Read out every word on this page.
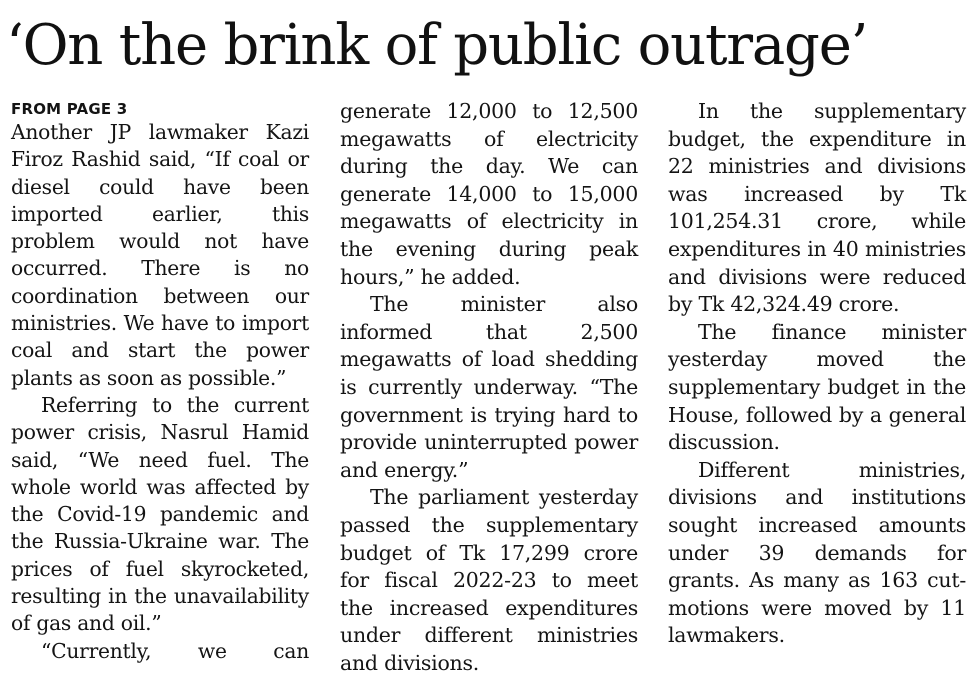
‘On the brink of public outrage’
FROM PAGE 3

Another JP lawmaker Kazi Firoz Rashid said, “If coal or diesel could have been imported earlier, this problem would not have occurred. There is no coordination between our ministries. We have to import coal and start the power plants as soon as possible.”

Referring to the current power crisis, Nasrul Hamid said, “We need fuel. The whole world was affected by the Covid-19 pandemic and the Russia-Ukraine war. The prices of fuel skyrocketed, resulting in the unavailability of gas and oil.”

“Currently, we can

generate 12,000 to 12,500 megawatts of electricity during the day. We can generate 14,000 to 15,000 megawatts of electricity in the evening during peak hours,” he added.

The minister also informed that 2,500 megawatts of load shedding is currently underway. “The government is trying hard to provide uninterrupted power and energy.”

The parliament yesterday passed the supplementary budget of Tk 17,299 crore for fiscal 2022-23 to meet the increased expenditures under different ministries and divisions.

In the supplementary budget, the expenditure in 22 ministries and divisions was increased by Tk 101,254.31 crore, while expenditures in 40 ministries and divisions were reduced by Tk 42,324.49 crore.

The finance minister yesterday moved the supplementary budget in the House, followed by a general discussion.

Different ministries, divisions and institutions sought increased amounts under 39 demands for grants. As many as 163 cut-motions were moved by 11 lawmakers.
